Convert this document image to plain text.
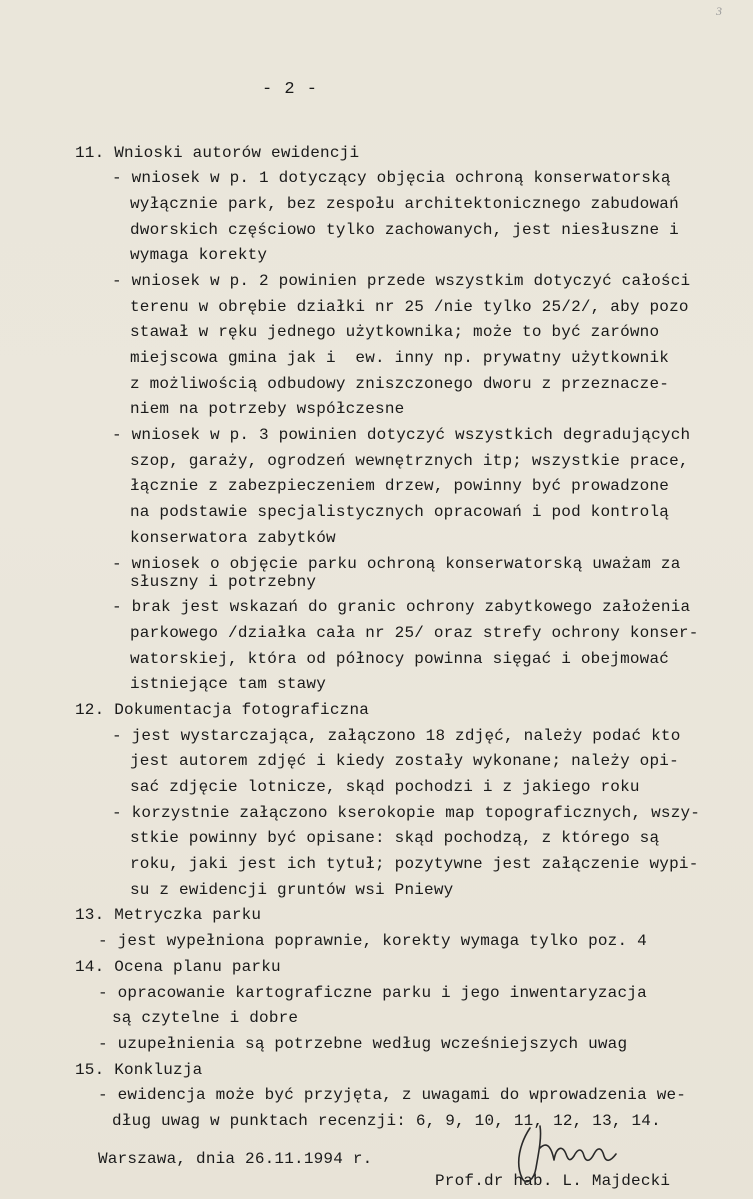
3
- 2 -
11. Wnioski autorów ewidencji
- wniosek w p. 1 dotyczący objęcia ochroną konserwatorską
wyłącznie park, bez zespołu architektonicznego zabudowań
dworskich częściowo tylko zachowanych, jest niesłuszne i
wymaga korekty
- wniosek w p. 2 powinien przede wszystkim dotyczyć całości
terenu w obrębie działki nr 25 /nie tylko 25/2/, aby pozo
stawał w ręku jednego użytkownika; może to być zarówno
miejscowa gmina jak i  ew. inny np. prywatny użytkownik
z możliwością odbudowy zniszczonego dworu z przeznacze-
niem na potrzeby współczesne
- wniosek w p. 3 powinien dotyczyć wszystkich degradujących
szop, garaży, ogrodzeń wewnętrznych itp; wszystkie prace,
łącznie z zabezpieczeniem drzew, powinny być prowadzone
na podstawie specjalistycznych opracowań i pod kontrolą
konserwatora zabytków
- wniosek o objęcie parku ochroną konserwatorską uważam za
słuszny i potrzebny
- brak jest wskazań do granic ochrony zabytkowego założenia
parkowego /działka cała nr 25/ oraz strefy ochrony konser-
watorskiej, która od północy powinna sięgać i obejmować
istniejące tam stawy
12. Dokumentacja fotograficzna
- jest wystarczająca, załączono 18 zdjęć, należy podać kto
jest autorem zdjęć i kiedy zostały wykonane; należy opi-
sać zdjęcie lotnicze, skąd pochodzi i z jakiego roku
- korzystnie załączono kserokopie map topograficznych, wszy-
stkie powinny być opisane: skąd pochodzą, z którego są
roku, jaki jest ich tytuł; pozytywne jest załączenie wypi-
su z ewidencji gruntów wsi Pniewy
13. Metryczka parku
- jest wypełniona poprawnie, korekty wymaga tylko poz. 4
14. Ocena planu parku
- opracowanie kartograficzne parku i jego inwentaryzacja
są czytelne i dobre
- uzupełnienia są potrzebne według wcześniejszych uwag
15. Konkluzja
- ewidencja może być przyjęta, z uwagami do wprowadzenia we-
dług uwag w punktach recenzji: 6, 9, 10, 11, 12, 13, 14.
Warszawa, dnia 26.11.1994 r.
Prof.dr hab. L. Majdecki
